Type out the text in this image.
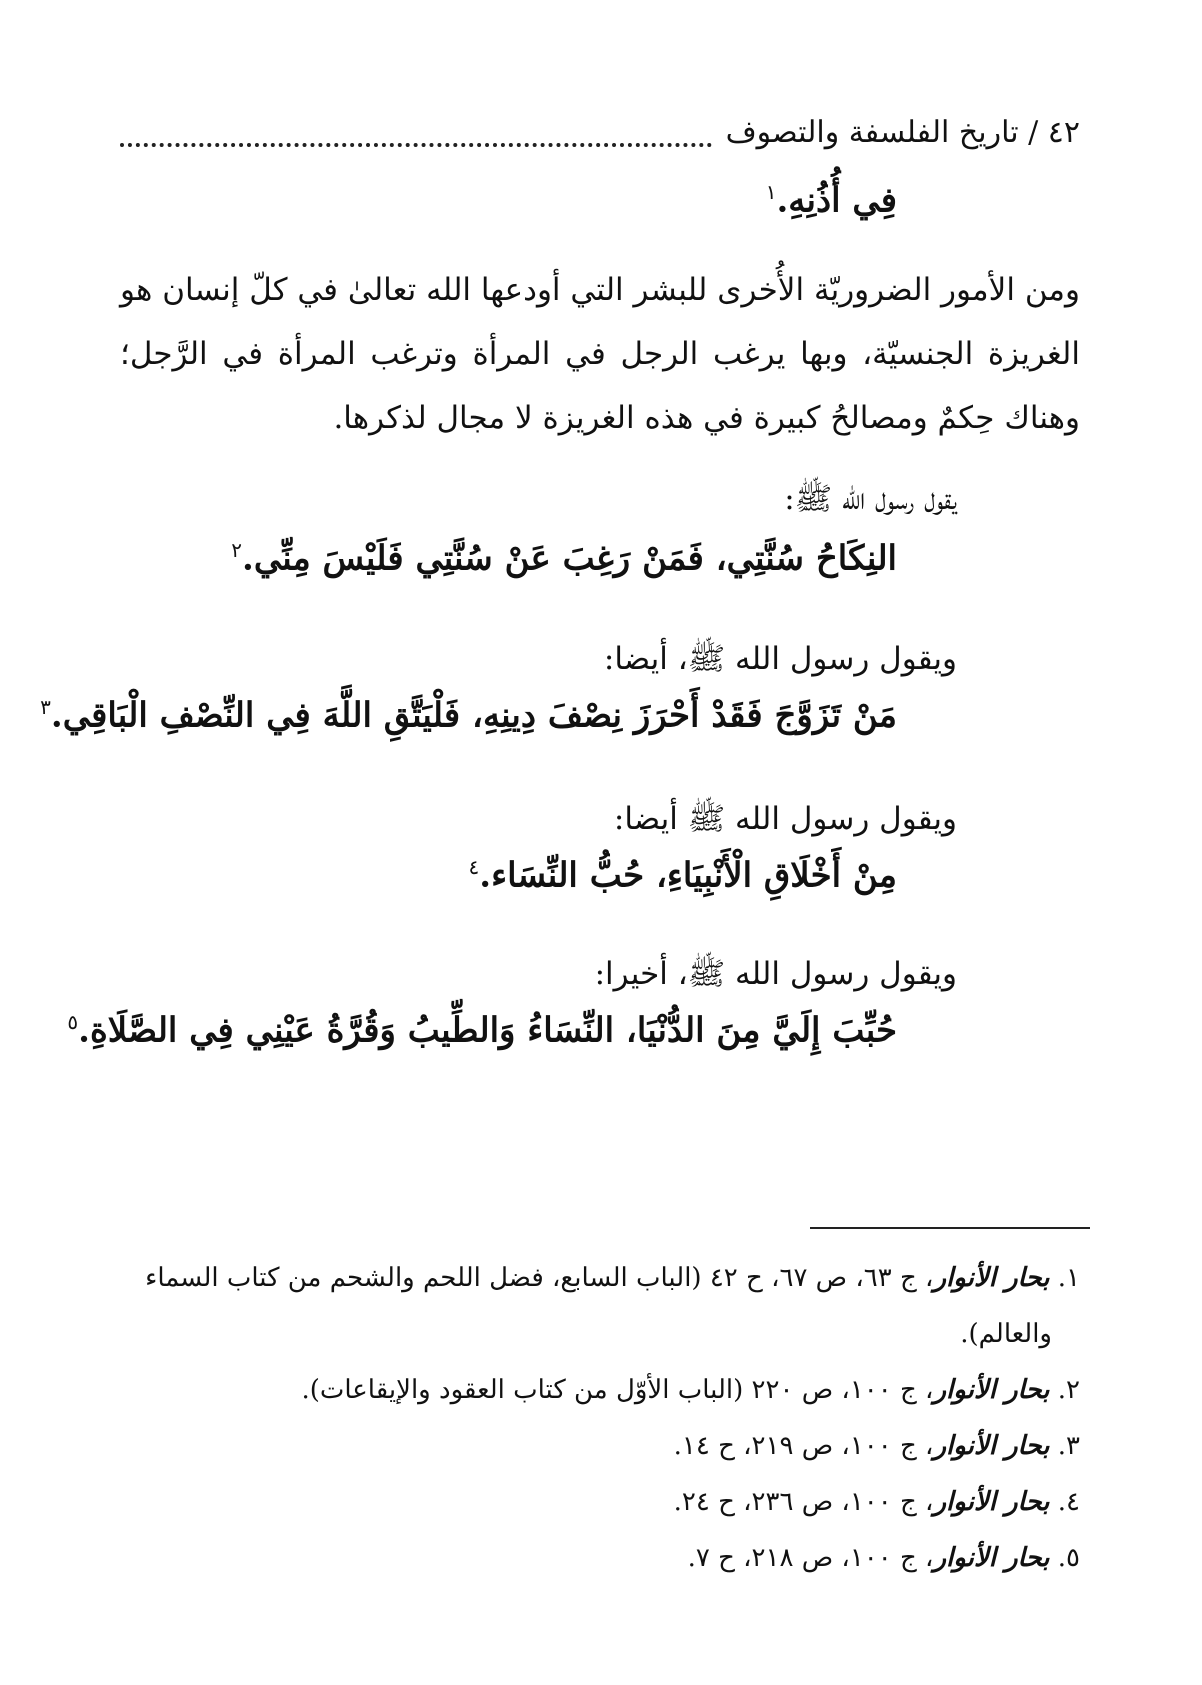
٤٢ / تاريخ الفلسفة والتصوف
فِي أُذُنِهِ.$^١$
ومن الأمور الضروريّة الأُخرى للبشر التي أودعها الله تعالىٰ في كلّ إنسان هو الغريزة الجنسيّة، وبها يرغب الرجل في المرأة وترغب المرأة في الرَّجل؛ وهناك حِكمٌ ومصالحُ كبيرة في هذه الغريزة لا مجال لذكرها.
يقول رسول الله ﷺ:
النِكَاحُ سُنَّتِي، فَمَنْ رَغِبَ عَنْ سُنَّتِي فَلَيْسَ مِنِّي.$^٢$
ويقول رسول الله ﷺ، أيضا:
مَنْ تَزَوَّجَ فَقَدْ أَحْرَزَ نِصْفَ دِينِهِ، فَلْيَتَّقِ اللَّهَ فِي النِّصْفِ الْبَاقِي.$^٣$
ويقول رسول الله ﷺ أيضا:
مِنْ أَخْلَاقِ الْأَنْبِيَاءِ، حُبُّ النِّسَاء.$^٤$
ويقول رسول الله ﷺ، أخيرا:
حُبِّبَ إِلَيَّ مِنَ الدُّنْيَا، النِّسَاءُ وَالطِّيبُ وَقُرَّةُ عَيْنِي فِي الصَّلَاةِ.$^٥$
١. بحار الأنوار، ج ٦٣، ص ٦٧، ح ٤٢ (الباب السابع، فضل اللحم والشحم من كتاب السماء
والعالم).
٢. بحار الأنوار، ج ١٠٠، ص ٢٢٠ (الباب الأوّل من كتاب العقود والإيقاعات).
٣. بحار الأنوار، ج ١٠٠، ص ٢١٩، ح ١٤.
٤. بحار الأنوار، ج ١٠٠، ص ٢٣٦، ح ٢٤.
٥. بحار الأنوار، ج ١٠٠، ص ٢١٨، ح ٧.
